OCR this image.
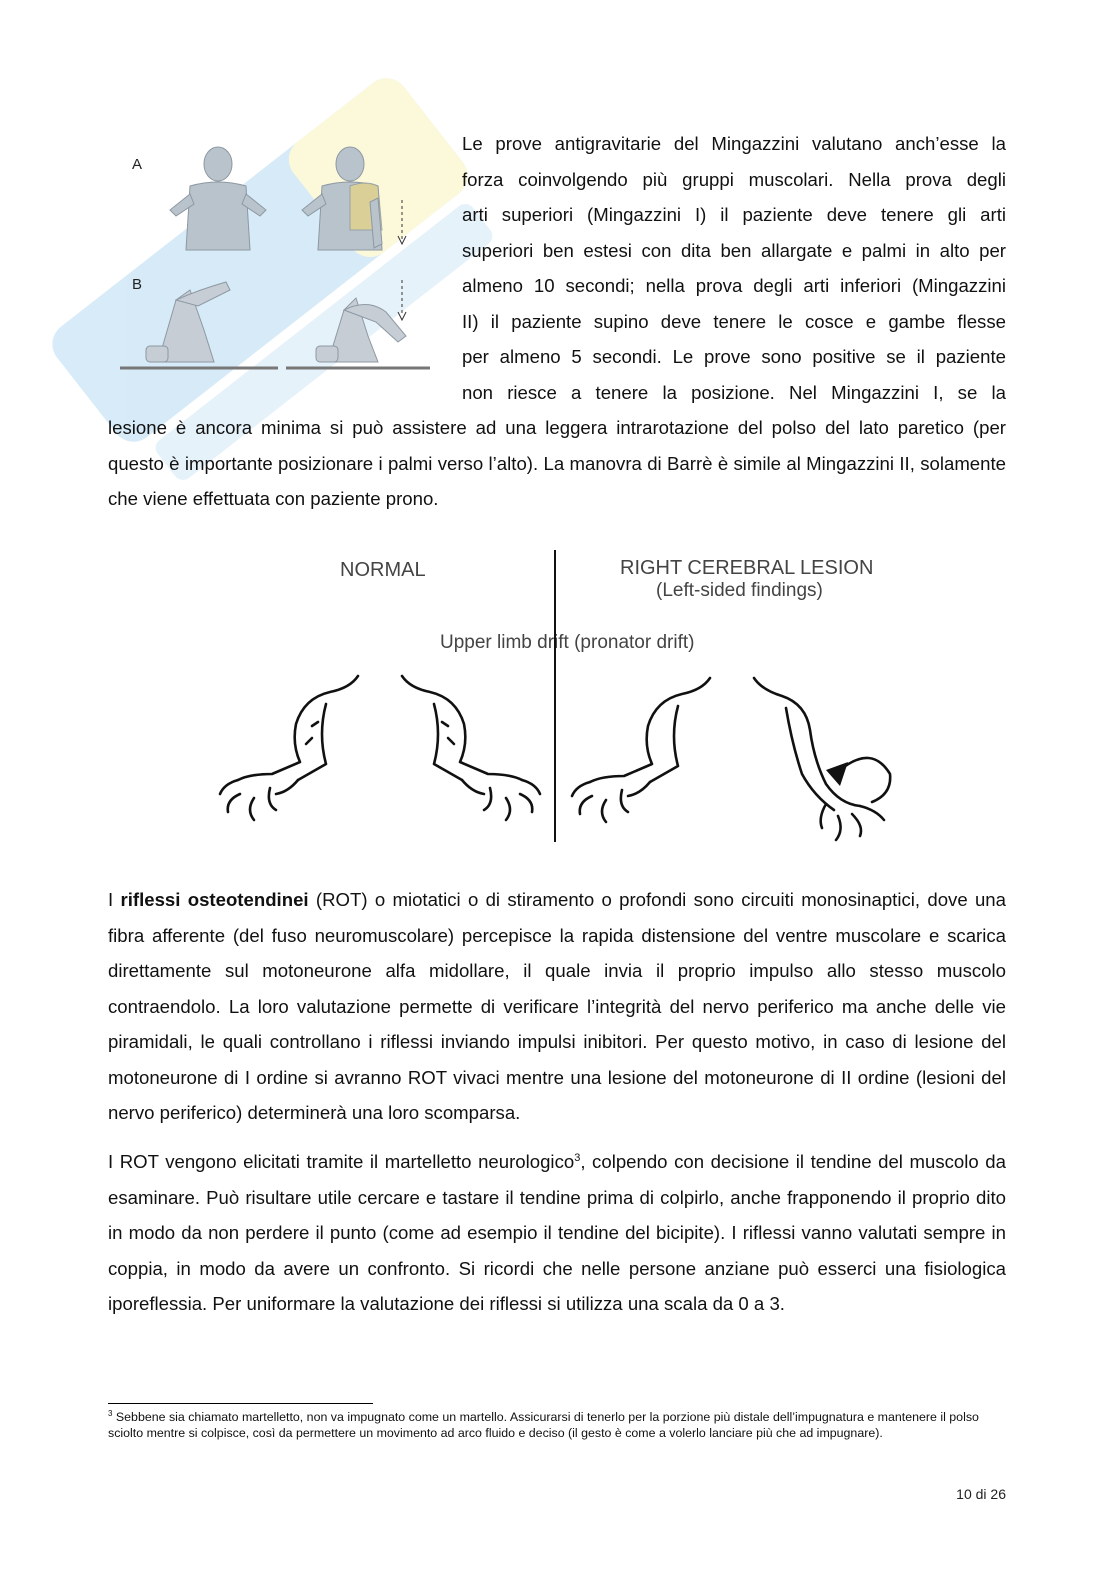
A
B

Le prove antigravitarie del Mingazzini valutano anch’esse la
forza coinvolgendo più gruppi muscolari. Nella prova degli
arti superiori (Mingazzini I) il paziente deve tenere gli arti
superiori ben estesi con dita ben allargate e palmi in alto per
almeno 10 secondi; nella prova degli arti inferiori (Mingazzini
II) il paziente supino deve tenere le cosce e gambe flesse
per almeno 5 secondi. Le prove sono positive se il paziente
non riesce a tenere la posizione. Nel Mingazzini I, se la

lesione è ancora minima si può assistere ad una leggera intrarotazione del polso del lato paretico (per questo è importante posizionare i palmi verso l’alto). La manovra di Barrè è simile al Mingazzini II, solamente che viene effettuata con paziente prono.

NORMAL	RIGHT CEREBRAL LESION
(Left-sided findings)
Upper limb drift (pronator drift)

I riflessi osteotendinei (ROT) o miotatici o di stiramento o profondi sono circuiti monosinaptici, dove una fibra afferente (del fuso neuromuscolare) percepisce la rapida distensione del ventre muscolare e scarica direttamente sul motoneurone alfa midollare, il quale invia il proprio impulso allo stesso muscolo contraendolo. La loro valutazione permette di verificare l’integrità del nervo periferico ma anche delle vie piramidali, le quali controllano i riflessi inviando impulsi inibitori. Per questo motivo, in caso di lesione del motoneurone di I ordine si avranno ROT vivaci mentre una lesione del motoneurone di II ordine (lesioni del nervo periferico) determinerà una loro scomparsa.

I ROT vengono elicitati tramite il martelletto neurologico$^3$, colpendo con decisione il tendine del muscolo da esaminare. Può risultare utile cercare e tastare il tendine prima di colpirlo, anche frapponendo il proprio dito in modo da non perdere il punto (come ad esempio il tendine del bicipite). I riflessi vanno valutati sempre in coppia, in modo da avere un confronto. Si ricordi che nelle persone anziane può esserci una fisiologica iporeflessia. Per uniformare la valutazione dei riflessi si utilizza una scala da 0 a 3.

$^3$ Sebbene sia chiamato martelletto, non va impugnato come un martello. Assicurarsi di tenerlo per la porzione più distale dell’impugnatura e mantenere il polso sciolto mentre si colpisce, così da permettere un movimento ad arco fluido e deciso (il gesto è come a volerlo lanciare più che ad impugnare).

10 di 26
